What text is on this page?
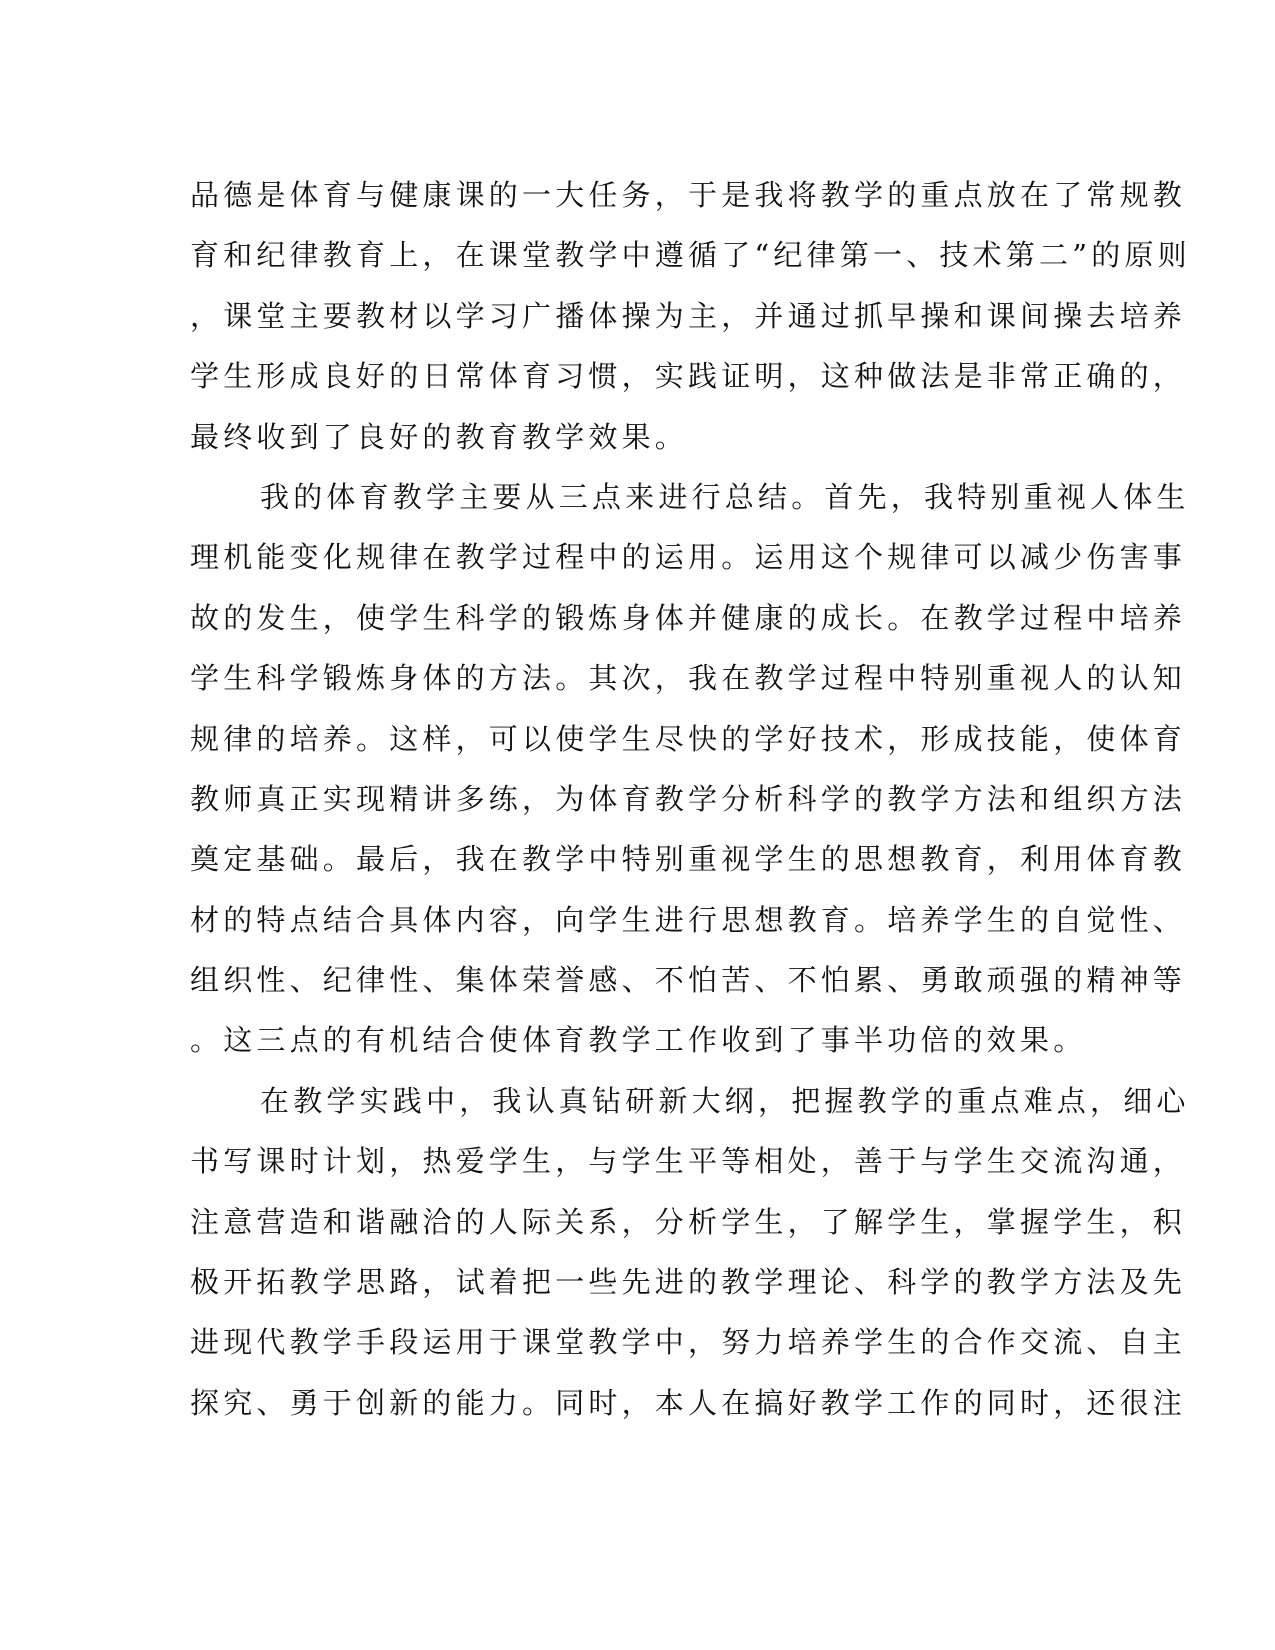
品德是体育与健康课的一大任务，于是我将教学的重点放在了常规教
育和纪律教育上，在课堂教学中遵循了“纪律第一、技术第二”的原则
，课堂主要教材以学习广播体操为主，并通过抓早操和课间操去培养
学生形成良好的日常体育习惯，实践证明，这种做法是非常正确的，
最终收到了良好的教育教学效果。
我的体育教学主要从三点来进行总结。首先，我特别重视人体生
理机能变化规律在教学过程中的运用。运用这个规律可以减少伤害事
故的发生，使学生科学的锻炼身体并健康的成长。在教学过程中培养
学生科学锻炼身体的方法。其次，我在教学过程中特别重视人的认知
规律的培养。这样，可以使学生尽快的学好技术，形成技能，使体育
教师真正实现精讲多练，为体育教学分析科学的教学方法和组织方法
奠定基础。最后，我在教学中特别重视学生的思想教育，利用体育教
材的特点结合具体内容，向学生进行思想教育。培养学生的自觉性、
组织性、纪律性、集体荣誉感、不怕苦、不怕累、勇敢顽强的精神等
。这三点的有机结合使体育教学工作收到了事半功倍的效果。
在教学实践中，我认真钻研新大纲，把握教学的重点难点，细心
书写课时计划，热爱学生，与学生平等相处，善于与学生交流沟通，
注意营造和谐融洽的人际关系，分析学生，了解学生，掌握学生，积
极开拓教学思路，试着把一些先进的教学理论、科学的教学方法及先
进现代教学手段运用于课堂教学中，努力培养学生的合作交流、自主
探究、勇于创新的能力。同时，本人在搞好教学工作的同时，还很注
